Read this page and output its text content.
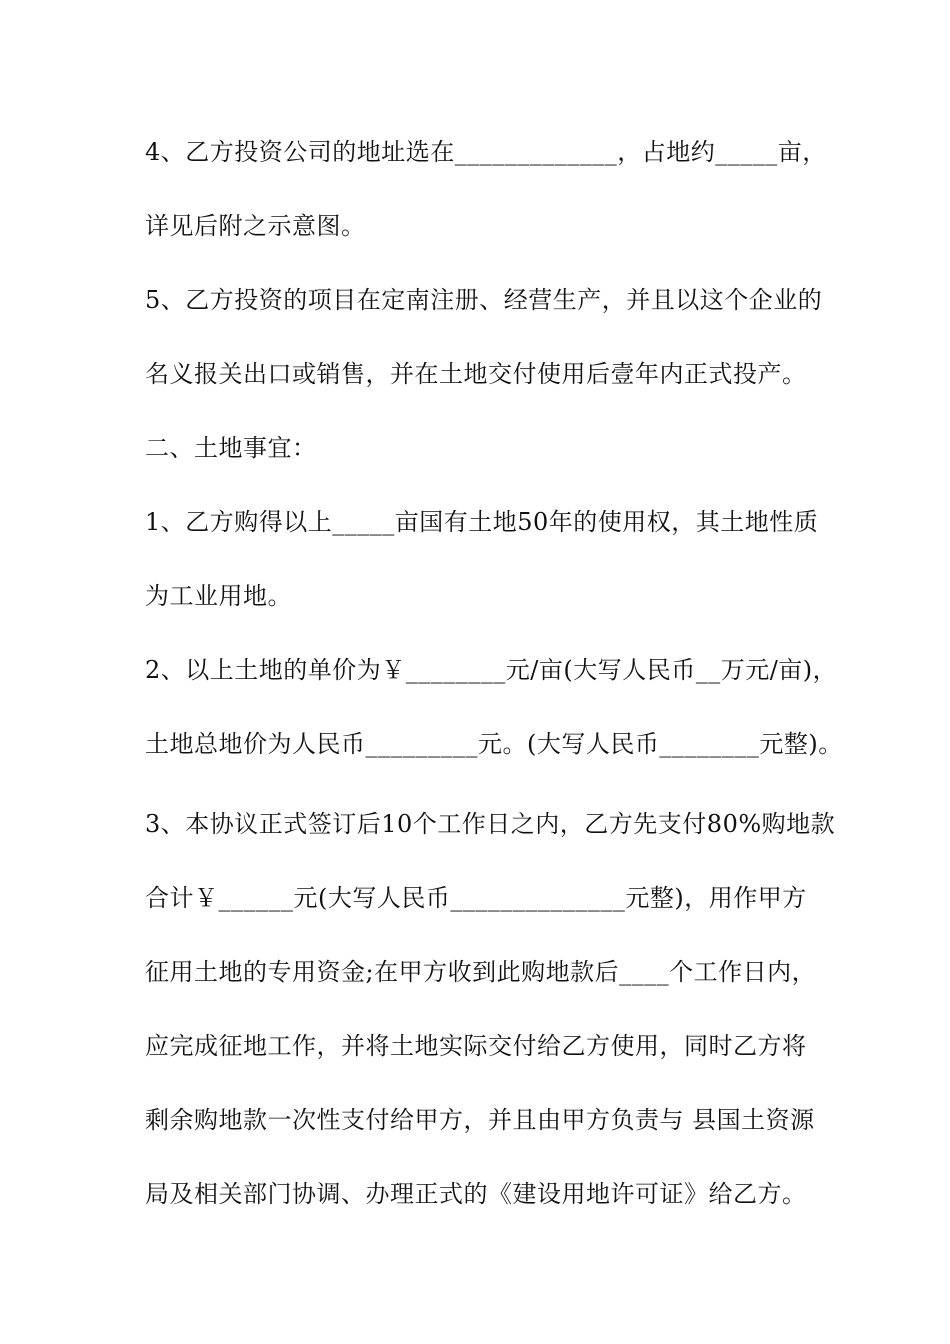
4、乙方投资公司的地址选在_____________，占地约_____亩，
详见后附之示意图。
5、乙方投资的项目在定南注册、经营生产，并且以这个企业的
名义报关出口或销售，并在土地交付使用后壹年内正式投产。
二、土地事宜：
1、乙方购得以上_____亩国有土地50年的使用权，其土地性质
为工业用地。
2、以上土地的单价为￥________元/亩(大写人民币__万元/亩)，
土地总地价为人民币_________元。(大写人民币________元整)。
3、本协议正式签订后10个工作日之内，乙方先支付80%购地款
合计￥______元(大写人民币______________元整)，用作甲方
征用土地的专用资金;在甲方收到此购地款后____个工作日内，
应完成征地工作，并将土地实际交付给乙方使用，同时乙方将
剩余购地款一次性支付给甲方，并且由甲方负责与 县国土资源
局及相关部门协调、办理正式的《建设用地许可证》给乙方。
